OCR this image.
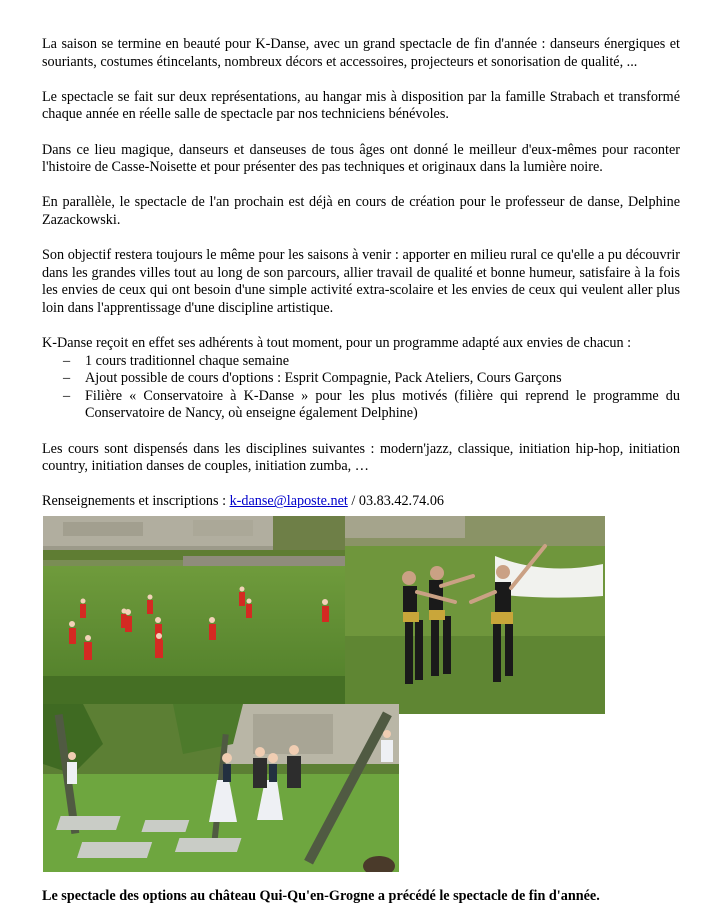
La saison se termine en beauté pour K-Danse, avec un grand spectacle de fin d'année : danseurs énergiques et souriants, costumes étincelants, nombreux décors et accessoires, projecteurs et sonorisation de qualité, ...

Le spectacle se fait sur deux représentations, au hangar mis à disposition par la famille Strabach et transformé chaque année en réelle salle de spectacle par nos techniciens bénévoles.

Dans ce lieu magique, danseurs et danseuses de tous âges ont donné le meilleur d'eux-mêmes pour raconter l'histoire de Casse-Noisette et pour présenter des pas techniques et originaux dans la lumière noire.

En parallèle, le spectacle de l'an prochain est déjà en cours de création pour le professeur de danse, Delphine Zazackowski.

Son objectif restera toujours le même pour les saisons à venir : apporter en milieu rural ce qu'elle a pu découvrir dans les grandes villes tout au long de son parcours, allier travail de qualité et bonne humeur, satisfaire à la fois les envies de ceux qui ont besoin d'une simple activité extra-scolaire et les envies de ceux qui veulent aller plus loin dans l'apprentissage d'une discipline artistique.

K-Danse reçoit en effet ses adhérents à tout moment, pour un programme adapté aux envies de chacun :

– 1 cours traditionnel chaque semaine
– Ajout possible de cours d'options : Esprit Compagnie, Pack Ateliers, Cours Garçons
– Filière « Conservatoire à K-Danse » pour les plus motivés (filière qui reprend le programme du Conservatoire de Nancy, où enseigne également Delphine)

Les cours sont dispensés dans les disciplines suivantes : modern'jazz, classique, initiation hip-hop, initiation country, initiation danses de couples, initiation zumba, …

Renseignements et inscriptions : k-danse@laposte.net / 03.83.42.74.06

Le spectacle des options au château Qui-Qu'en-Grogne a précédé le spectacle de fin d'année.
